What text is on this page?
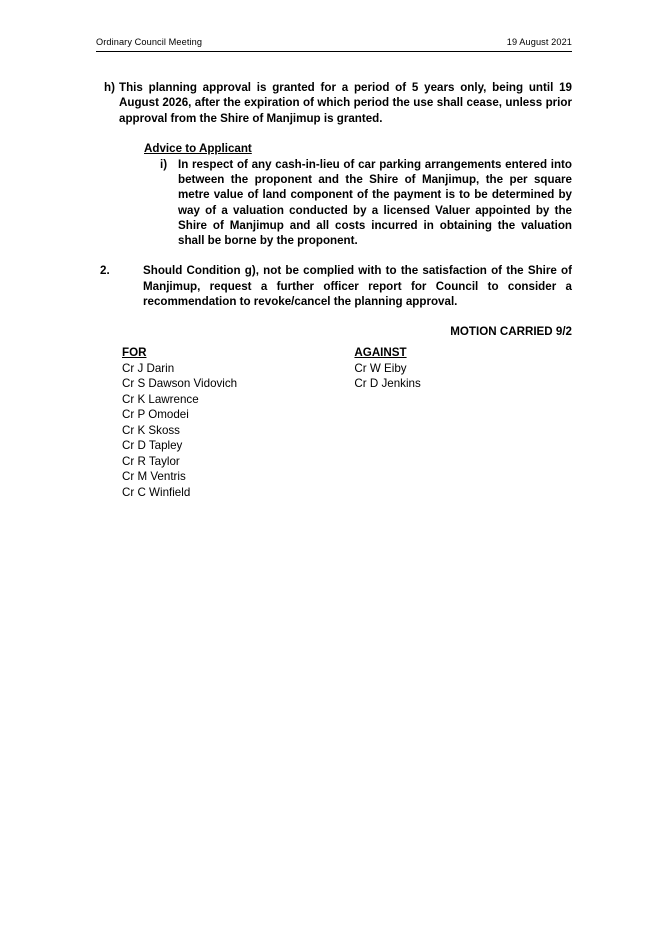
Ordinary Council Meeting	19 August 2021
h) This planning approval is granted for a period of 5 years only, being until 19 August 2026, after the expiration of which period the use shall cease, unless prior approval from the Shire of Manjimup is granted.
Advice to Applicant
i) In respect of any cash-in-lieu of car parking arrangements entered into between the proponent and the Shire of Manjimup, the per square metre value of land component of the payment is to be determined by way of a valuation conducted by a licensed Valuer appointed by the Shire of Manjimup and all costs incurred in obtaining the valuation shall be borne by the proponent.
2.	Should Condition g), not be complied with to the satisfaction of the Shire of Manjimup, request a further officer report for Council to consider a recommendation to revoke/cancel the planning approval.
MOTION CARRIED 9/2
FOR
Cr J Darin
Cr S Dawson Vidovich
Cr K Lawrence
Cr P Omodei
Cr K Skoss
Cr D Tapley
Cr R Taylor
Cr M Ventris
Cr C Winfield
AGAINST
Cr W Eiby
Cr D Jenkins
